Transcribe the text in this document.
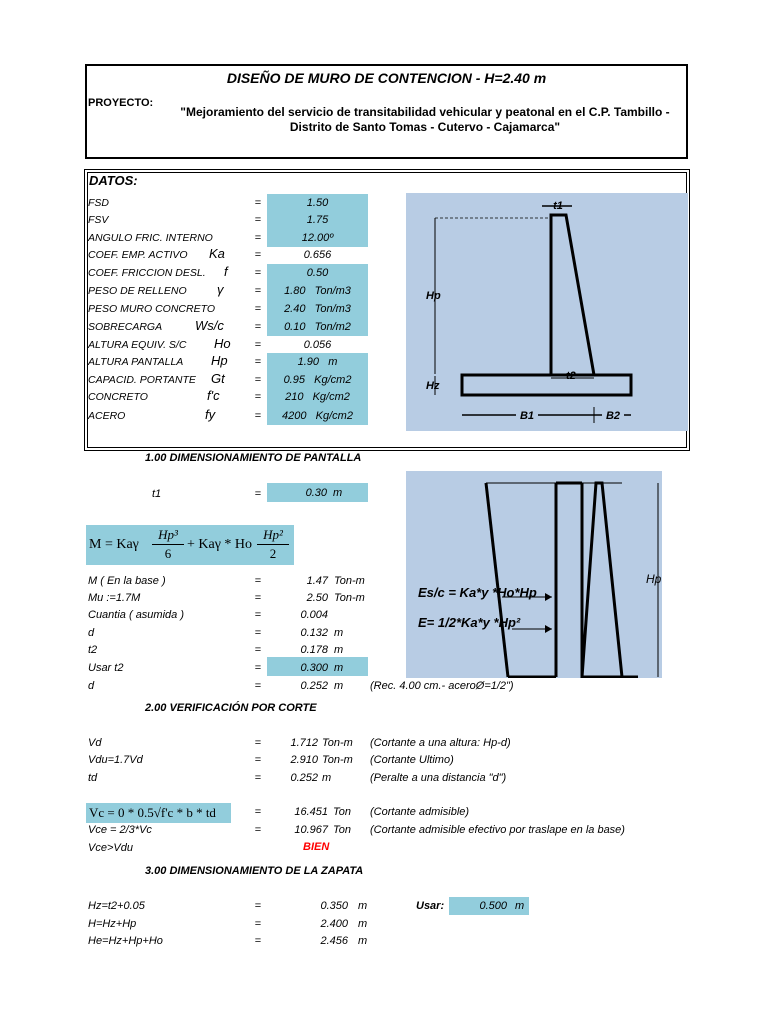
DISEÑO DE MURO DE CONTENCION - H=2.40 m
PROYECTO:
"Mejoramiento del servicio de transitabilidad vehicular y peatonal en el C.P. Tambillo -
Distrito de Santo Tomas - Cutervo - Cajamarca"
DATOS:
FSD	=	1.50
FSV	=	1.75
ANGULO FRIC. INTERNO	=	12.00º
COEF. EMP. ACTIVO Ka	=	0.656
COEF. FRICCION DESL. f	=	0.50
PESO DE RELLENO γ	=	1.80   Ton/m3
PESO MURO CONCRETO	=	2.40   Ton/m3
SOBRECARGA	Ws/c	=	0.10   Ton/m2
ALTURA EQUIV. S/C Ho	=	0.056
ALTURA PANTALLA Hp	=	1.90   m
CAPACID. PORTANTE Gt	=	0.95   Kg/cm2
CONCRETO	f'c	=	210   Kg/cm2
ACERO	fy	=	4200   Kg/cm2
t1
Hp
Hz
t2
B1	B2
1.00 DIMENSIONAMIENTO DE PANTALLA
t1	=	0.30 m
M = Kaγ
Hp³
6
+ Kaγ * Ho
Hp²
2
M ( En la base )	=	1.47 Ton-m
Mu :=1.7M	=	2.50 Ton-m
Cuantia ( asumida )	=	0.004
d	=	0.132 m
t2	=	0.178 m
Usar t2	=	0.300 m
d	=	0.252 m (Rec. 4.00 cm.- aceroØ=1/2")
Hp
Es/c = Ka*y *Ho*Hp
E= 1/2*Ka*y *Hp²
2.00 VERIFICACIÓN POR CORTE
Vd	=	1.712 Ton-m (Cortante a una altura: Hp-d)
Vdu=1.7Vd	=	2.910 Ton-m (Cortante Ultimo)
td	=	0.252 m	(Peralte a una distancia "d")
Vc = 0 * 0.5√f'c * b * td	=	16.451 Ton (Cortante admisible)
Vce = 2/3*Vc	=	10.967 Ton (Cortante admisible efectivo por traslape en la base)
Vce>Vdu	BIEN
3.00 DIMENSIONAMIENTO DE LA ZAPATA
Hz=t2+0.05	=	0.350 m
H=Hz+Hp	=	2.400 m
He=Hz+Hp+Ho	=	2.456 m
Usar:	0.500 m
